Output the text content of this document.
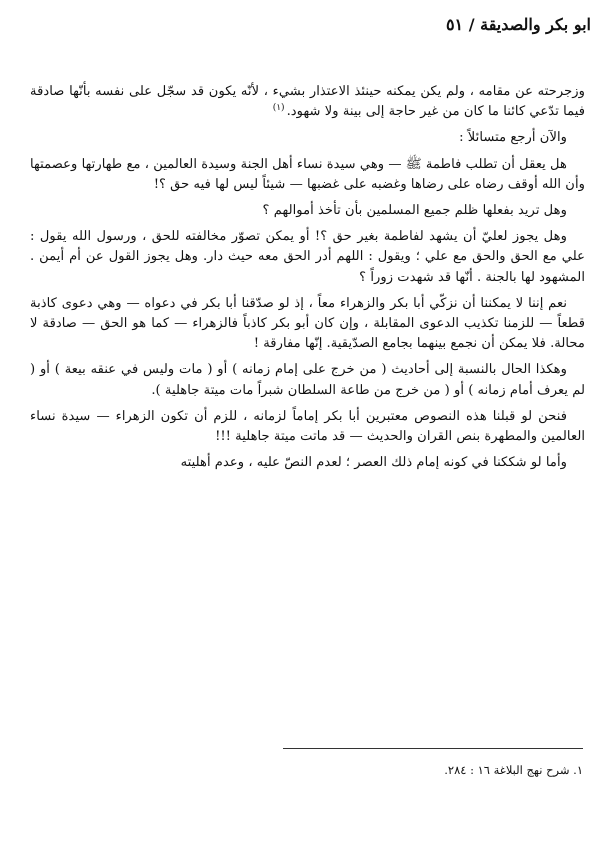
ابو بكر والصديقة / ٥١

وزجرحته عن مقامه ، ولم يكن يمكنه حينئذ الاعتذار بشيء ، لأنّه يكون قد سجّل على نفسه بأنّها صادقة فيما تدّعي كائنا ما كان من غير حاجة إلى بينة ولا شهود.$^{(١)}$

والآن أرجع متسائلاً :

هل يعقل أن تطلب فاطمة ﷺ — وهي سيدة نساء أهل الجنة وسيدة العالمين ، مع طهارتها وعصمتها وأن الله أوقف رضاه على رضاها وغضبه على غضبها — شيئاً ليس لها فيه حق ؟!

وهل تريد بفعلها ظلم جميع المسلمين بأن تأخذ أموالهم ؟

وهل يجوز لعليّ أن يشهد لفاطمة بغير حق ؟! أو يمكن تصوّر مخالفته للحق ، ورسول الله يقول : علي مع الحق والحق مع علي ؛ ويقول : اللهم أدر الحق معه حيث دار. وهل يجوز القول عن أم أيمن . المشهود لها بالجنة . أنّها قد شهدت زوراً ؟

نعم إننا لا يمكننا أن نزكّي أبا بكر والزهراء معاً ، إذ لو صدّقنا أبا بكر في دعواه — وهي دعوى كاذبة قطعاً — للزمنا تكذيب الدعوى المقابلة ، وإن كان أبو بكر كاذباً فالزهراء — كما هو الحق — صادقة لا محالة. فلا يمكن أن نجمع بينهما بجامع الصدّيقية. إنّها مفارقة !

وهكذا الحال بالنسبة إلى أحاديث ( من خرج على إمام زمانه ) أو ( مات وليس في عنقه بيعة ) أو ( لم يعرف أمام زمانه ) أو ( من خرج من طاعة السلطان شبراً مات ميتة جاهلية ).

فنحن لو قبلنا هذه النصوص معتبرين أبا بكر إماماً لزمانه ، للزم أن تكون الزهراء — سيدة نساء العالمين والمطهرة بنص القران والحديث — قد ماتت ميتة جاهلية !!!

وأما لو شككنا في كونه إمام ذلك العصر ؛ لعدم النصّ عليه ، وعدم أهليته

١. شرح نهج البلاغة ١٦ : ٢٨٤.
